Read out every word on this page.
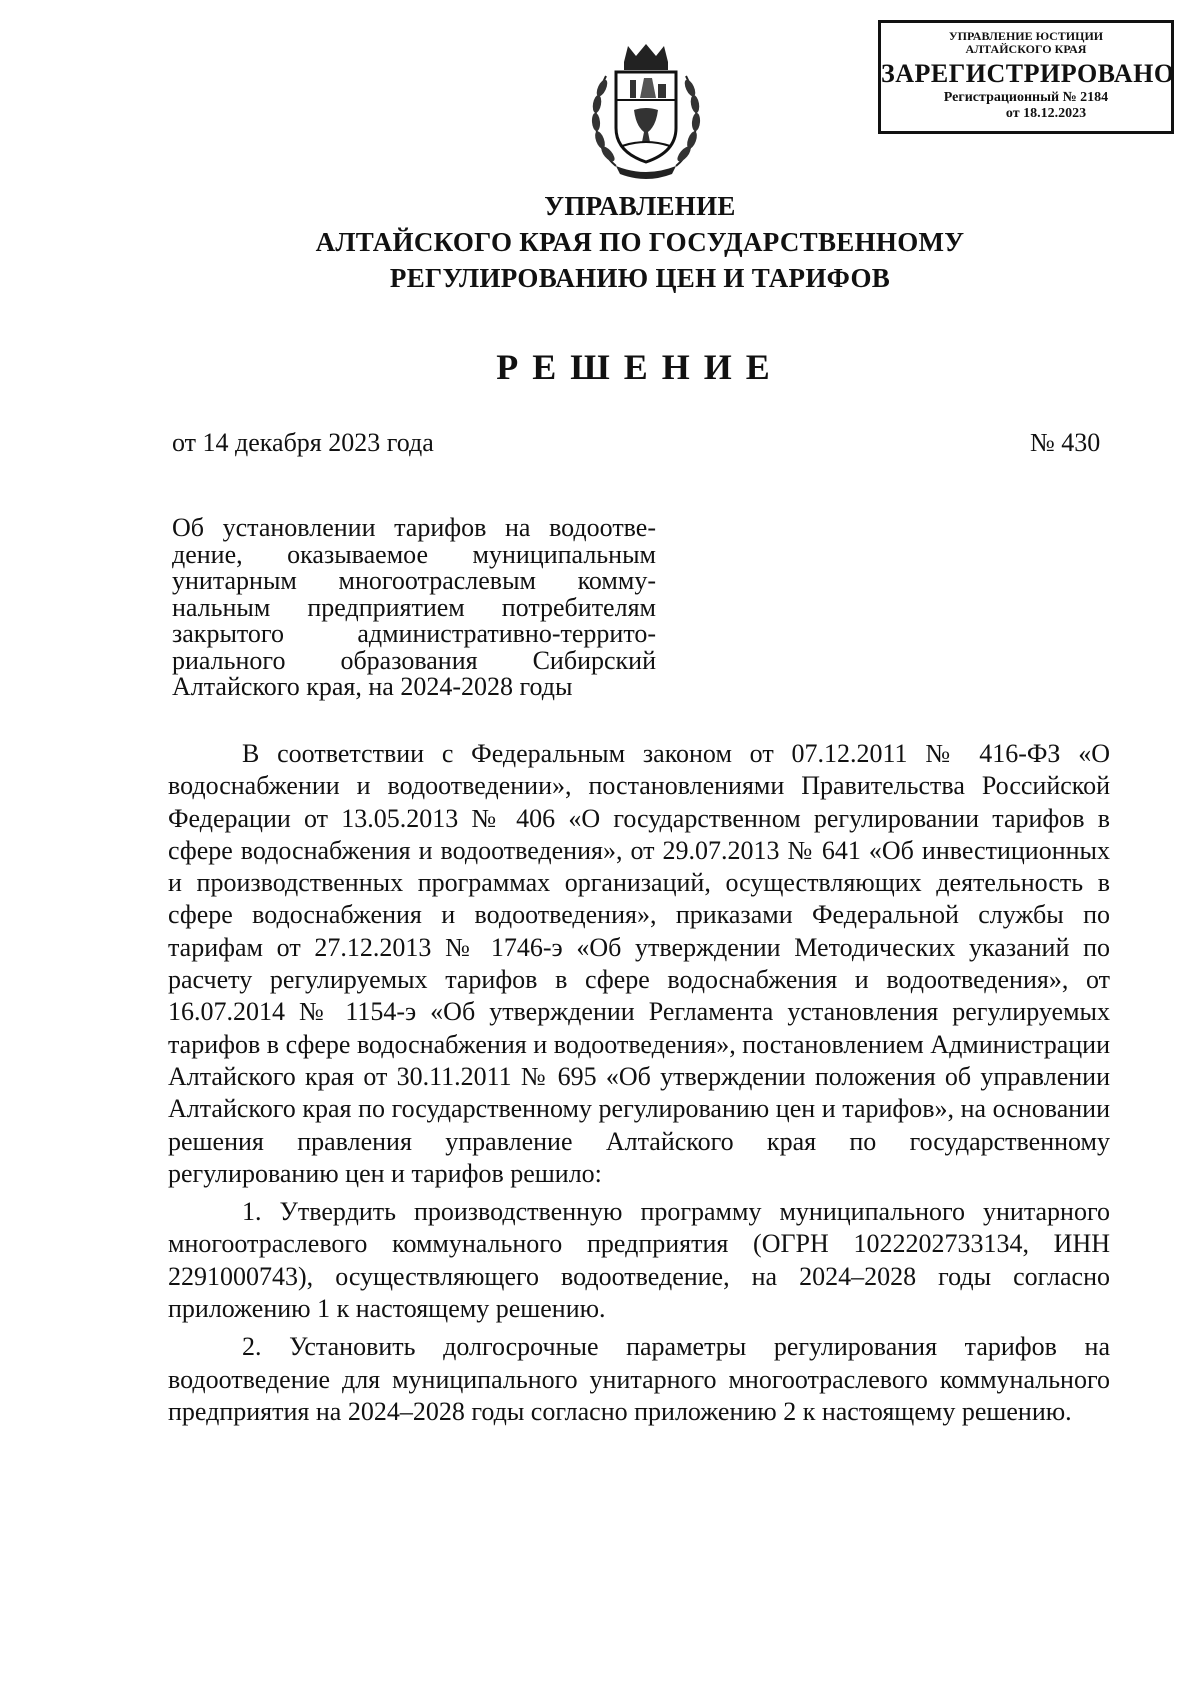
УПРАВЛЕНИЕ ЮСТИЦИИ
АЛТАЙСКОГО КРАЯ
ЗАРЕГИСТРИРОВАНО
Регистрационный № 2184
от 18.12.2023
УПРАВЛЕНИЕ
АЛТАЙСКОГО КРАЯ ПО ГОСУДАРСТВЕННОМУ
РЕГУЛИРОВАНИЮ ЦЕН И ТАРИФОВ
РЕШЕНИЕ
от 14 декабря 2023 года	№ 430
Об установлении тарифов на водоотве-
дение, оказываемое муниципальным
унитарным многоотраслевым комму-
нальным предприятием потребителям
закрытого административно-террито-
риального образования Сибирский
Алтайского края, на 2024-2028 годы

В соответствии с Федеральным законом от 07.12.2011 № 416-ФЗ «О водоснабжении и водоотведении», постановлениями Правительства Российской Федерации от 13.05.2013 № 406 «О государственном регулировании тарифов в сфере водоснабжения и водоотведения», от 29.07.2013 № 641 «Об инвестиционных и производственных программах организаций, осуществляющих деятельность в сфере водоснабжения и водоотведения», приказами Федеральной службы по тарифам от 27.12.2013 № 1746-э «Об утверждении Методических указаний по расчету регулируемых тарифов в сфере водоснабжения и водоотведения», от 16.07.2014 № 1154-э «Об утверждении Регламента установления регулируемых тарифов в сфере водоснабжения и водоотведения», постановлением Администрации Алтайского края от 30.11.2011 № 695 «Об утверждении положения об управлении Алтайского края по государственному регулированию цен и тарифов», на основании решения правления управление Алтайского края по государственному регулированию цен и тарифов решило:

1. Утвердить производственную программу муниципального унитарного многоотраслевого коммунального предприятия (ОГРН 1022202733134, ИНН 2291000743), осуществляющего водоотведение, на 2024–2028 годы согласно приложению 1 к настоящему решению.

2. Установить долгосрочные параметры регулирования тарифов на водоотведение для муниципального унитарного многоотраслевого коммунального предприятия на 2024–2028 годы согласно приложению 2 к настоящему решению.
